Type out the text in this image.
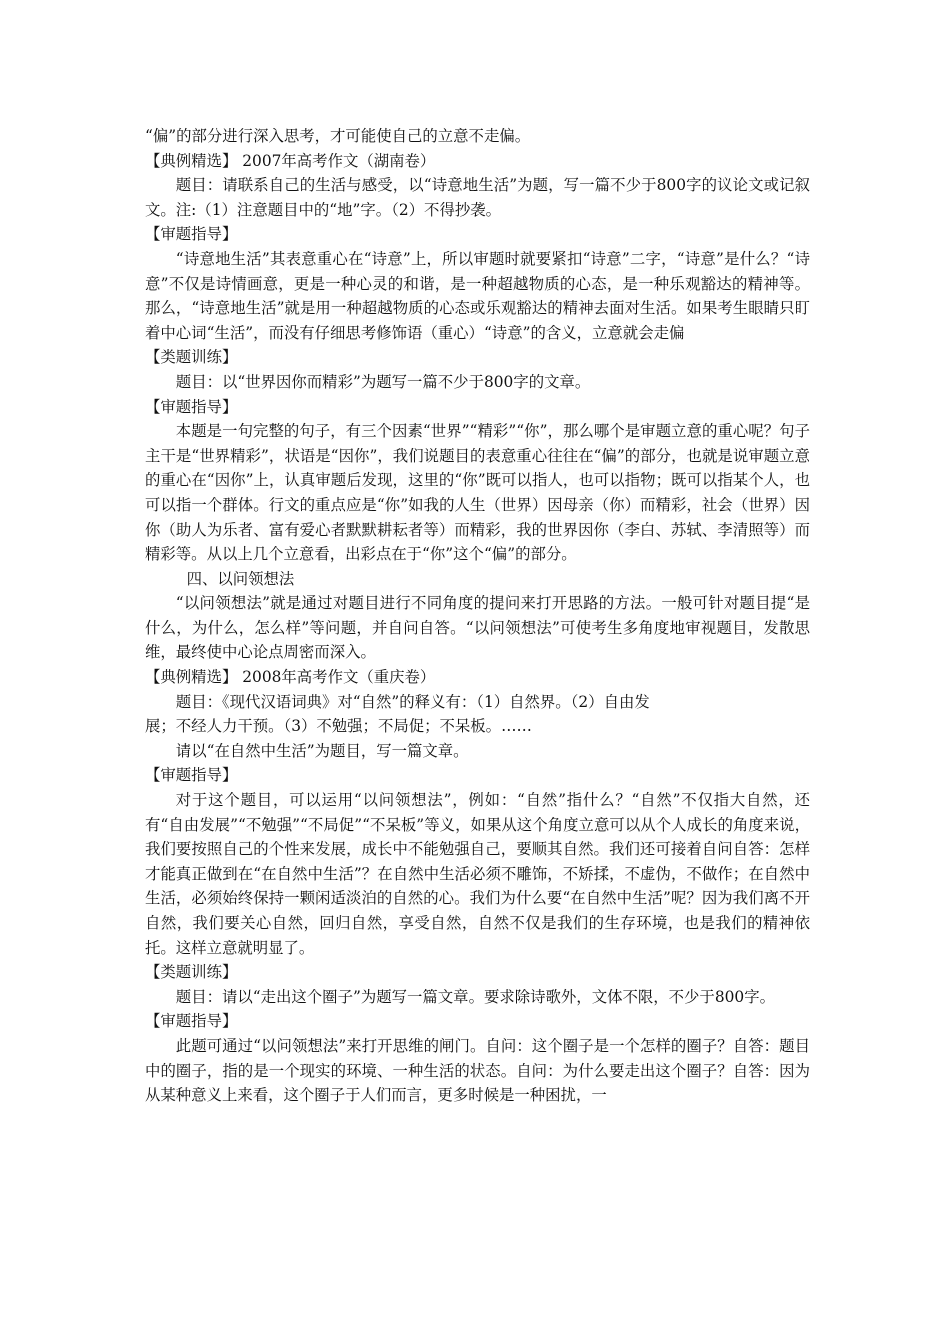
“偏”的部分进行深入思考，才可能使自己的立意不走偏。

【典例精选】 2007年高考作文（湖南卷）

题目：请联系自己的生活与感受，以“诗意地生活”为题，写一篇不少于800字的议论文或记叙文。注:（1）注意题目中的“地”字。（2）不得抄袭。

【审题指导】

“诗意地生活”其表意重心在“诗意”上，所以审题时就要紧扣“诗意”二字，“诗意”是什么？“诗意”不仅是诗情画意，更是一种心灵的和谐，是一种超越物质的心态，是一种乐观豁达的精神等。那么，“诗意地生活”就是用一种超越物质的心态或乐观豁达的精神去面对生活。如果考生眼睛只盯着中心词“生活”，而没有仔细思考修饰语（重心）“诗意”的含义，立意就会走偏

【类题训练】

题目：以“世界因你而精彩”为题写一篇不少于800字的文章。

【审题指导】

本题是一句完整的句子，有三个因素“世界”“精彩”“你”，那么哪个是审题立意的重心呢？句子主干是“世界精彩”，状语是“因你”，我们说题目的表意重心往往在“偏”的部分，也就是说审题立意的重心在“因你”上，认真审题后发现，这里的“你”既可以指人，也可以指物；既可以指某个人，也可以指一个群体。行文的重点应是“你”如我的人生（世界）因母亲（你）而精彩，社会（世界）因你（助人为乐者、富有爱心者默默耕耘者等）而精彩，我的世界因你（李白、苏轼、李清照等）而精彩等。从以上几个立意看，出彩点在于“你”这个“偏”的部分。

四、以问领想法

“以问领想法”就是通过对题目进行不同角度的提问来打开思路的方法。一般可针对题目提“是什么，为什么，怎么样”等问题，并自问自答。“以问领想法”可使考生多角度地审视题目，发散思维，最终使中心论点周密而深入。

【典例精选】 2008年高考作文（重庆卷）

题目：《现代汉语词典》对“自然”的释义有：（1）自然界。（2）自由发
展；不经人力干预。（3）不勉强；不局促；不呆板。……

请以“在自然中生活”为题目，写一篇文章。

【审题指导】

对于这个题目，可以运用“以问领想法”，例如：“自然”指什么？“自然”不仅指大自然，还有“自由发展”“不勉强”“不局促”“不呆板”等义，如果从这个角度立意可以从个人成长的角度来说，我们要按照自己的个性来发展，成长中不能勉强自己，要顺其自然。我们还可接着自问自答：怎样才能真正做到在“在自然中生活”？在自然中生活必须不雕饰，不矫揉，不虚伪，不做作；在自然中生活，必须始终保持一颗闲适淡泊的自然的心。我们为什么要“在自然中生活”呢？因为我们离不开自然，我们要关心自然，回归自然，享受自然，自然不仅是我们的生存环境，也是我们的精神依托。这样立意就明显了。

【类题训练】

题目：请以“走出这个圈子”为题写一篇文章。要求除诗歌外，文体不限，不少于800字。

【审题指导】

此题可通过“以问领想法”来打开思维的闸门。自问：这个圈子是一个怎样的圈子？自答：题目中的圈子，指的是一个现实的环境、一种生活的状态。自问：为什么要走出这个圈子？自答：因为从某种意义上来看，这个圈子于人们而言，更多时候是一种困扰，一
